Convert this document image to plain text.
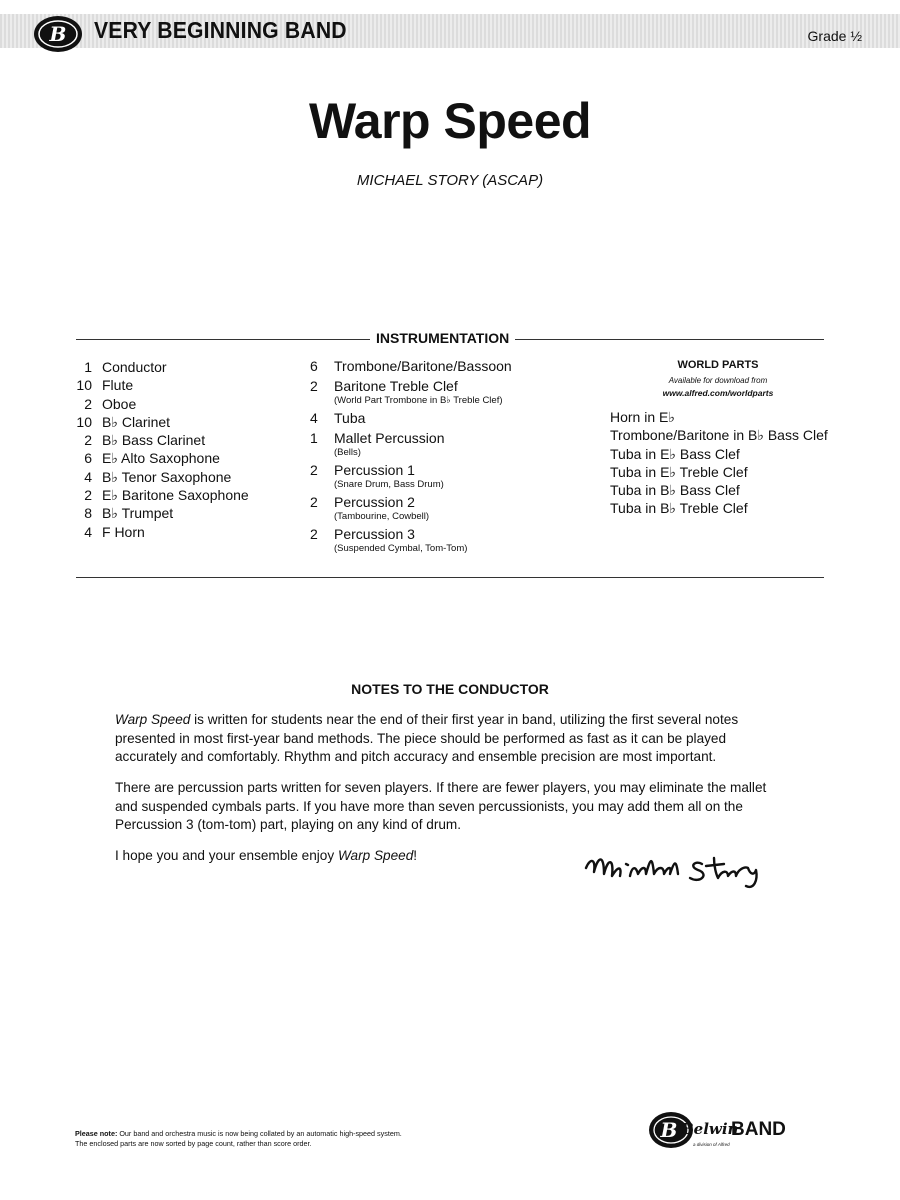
B VERY BEGINNING BAND	Grade ½
Warp Speed
MICHAEL STORY (ASCAP)
INSTRUMENTATION
1 Conductor
10 Flute
2 Oboe
10 B♭ Clarinet
2 B♭ Bass Clarinet
6 E♭ Alto Saxophone
4 B♭ Tenor Saxophone
2 E♭ Baritone Saxophone
8 B♭ Trumpet
4 F Horn
6 Trombone/Baritone/Bassoon
2 Baritone Treble Clef
(World Part Trombone in B♭ Treble Clef)
4 Tuba
1 Mallet Percussion
(Bells)
2 Percussion 1
(Snare Drum, Bass Drum)
2 Percussion 2
(Tambourine, Cowbell)
2 Percussion 3
(Suspended Cymbal, Tom-Tom)
WORLD PARTS
Available for download from
www.alfred.com/worldparts
Horn in E♭
Trombone/Baritone in B♭ Bass Clef
Tuba in E♭ Bass Clef
Tuba in E♭ Treble Clef
Tuba in B♭ Bass Clef
Tuba in B♭ Treble Clef
NOTES TO THE CONDUCTOR

Warp Speed is written for students near the end of their first year in band, utilizing the first several notes presented in most first-year band methods. The piece should be performed as fast as it can be played accurately and comfortably. Rhythm and pitch accuracy and ensemble precision are most important.

There are percussion parts written for seven players. If there are fewer players, you may eliminate the mallet and suspended cymbals parts. If you have more than seven percussionists, you may add them all on the Percussion 3 (tom-tom) part, playing on any kind of drum.

I hope you and your ensemble enjoy Warp Speed!

Please note: Our band and orchestra music is now being collated by an automatic high-speed system.
The enclosed parts are now sorted by page count, rather than score order.
B Belwin
a division of Alfred
BAND
